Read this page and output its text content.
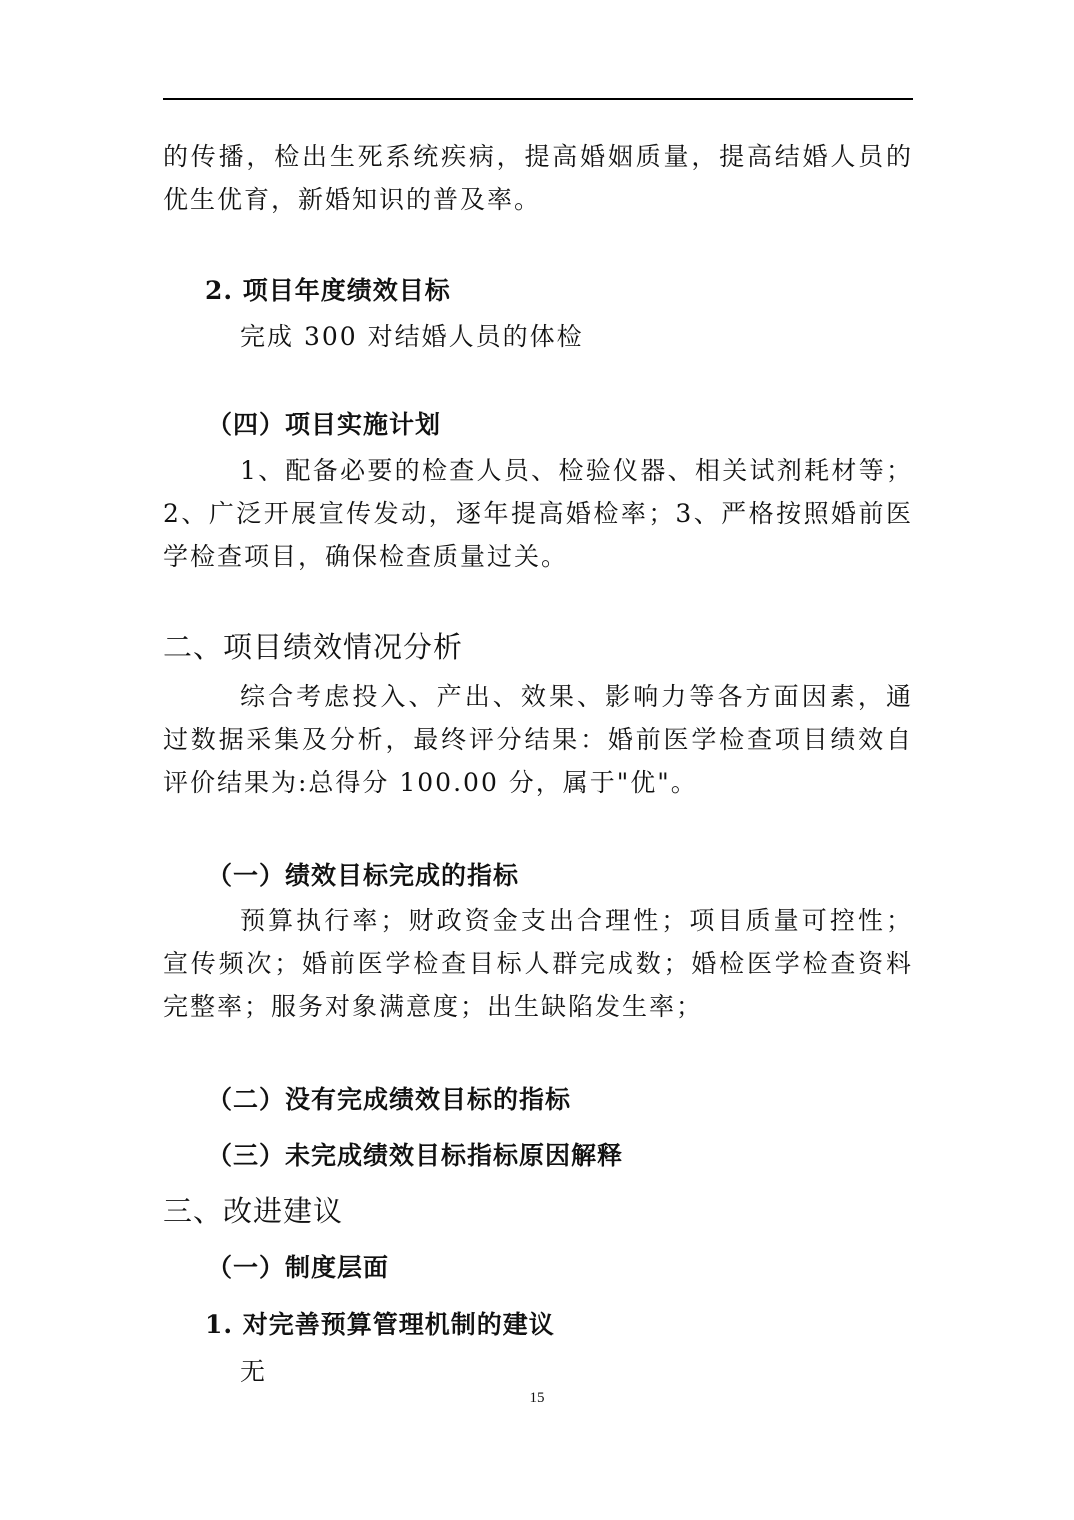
的传播，检出生死系统疾病，提高婚姻质量，提高结婚人员的优生优育，新婚知识的普及率。

2. 项目年度绩效目标

完成 300 对结婚人员的体检

（四）项目实施计划

1、配备必要的检查人员、检验仪器、相关试剂耗材等；2、广泛开展宣传发动，逐年提高婚检率；3、严格按照婚前医学检查项目，确保检查质量过关。

二、项目绩效情况分析

综合考虑投入、产出、效果、影响力等各方面因素，通过数据采集及分析，最终评分结果：婚前医学检查项目绩效自评价结果为:总得分 100.00 分，属于"优"。

（一）绩效目标完成的指标

预算执行率；财政资金支出合理性；项目质量可控性；宣传频次；婚前医学检查目标人群完成数；婚检医学检查资料完整率；服务对象满意度；出生缺陷发生率；

（二）没有完成绩效目标的指标
（三）未完成绩效目标指标原因解释
三、改进建议
（一）制度层面
1. 对完善预算管理机制的建议

无

15
